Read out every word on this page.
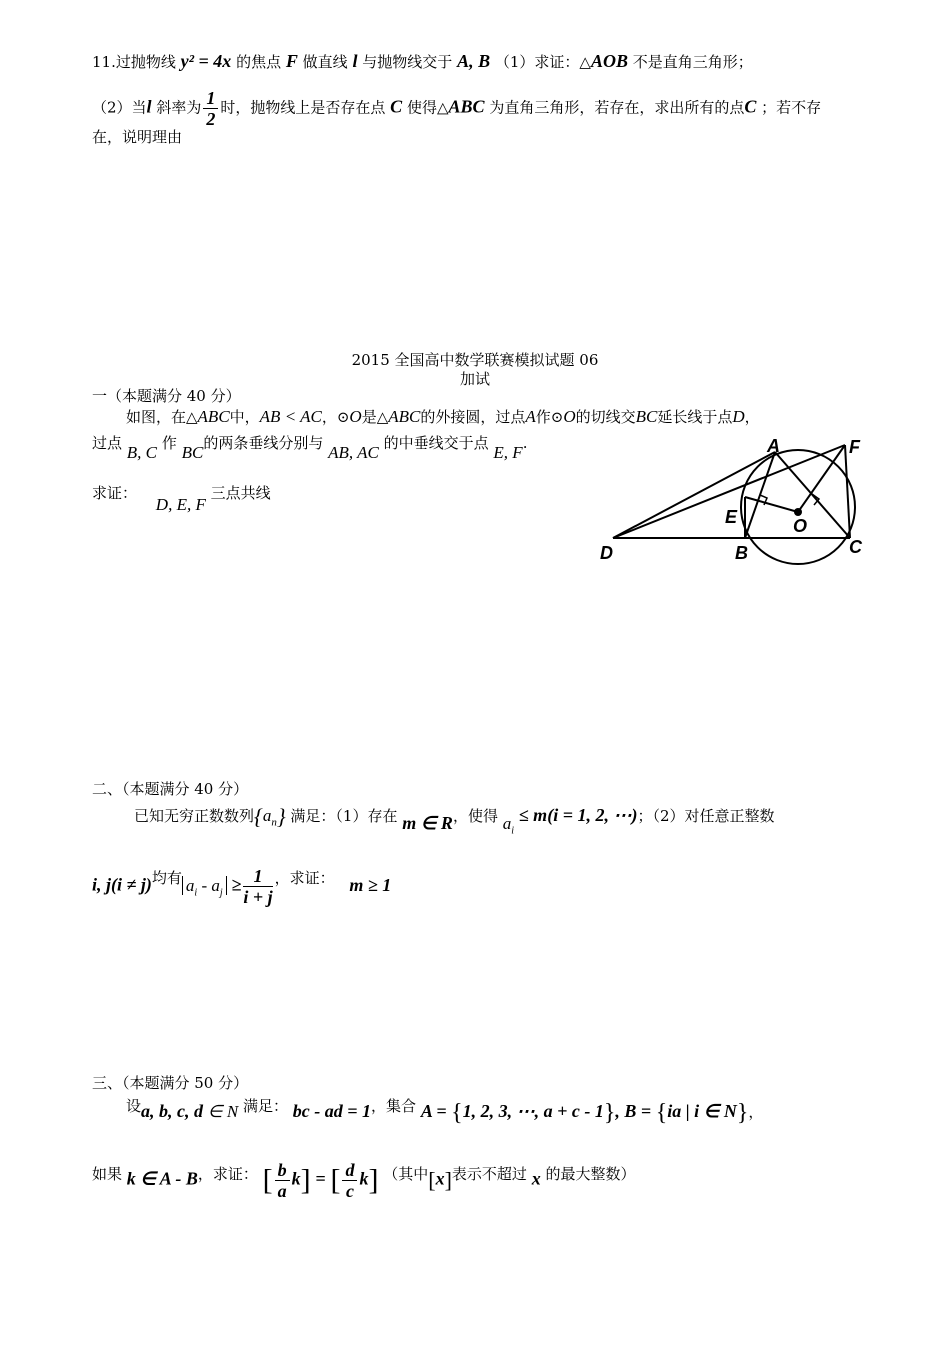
11.过抛物线 y² = 4x 的焦点 F 做直线 l 与抛物线交于 A, B （1）求证：△AOB 不是直角三角形；
（2）当l 斜率为 $\frac{1}{2}$ 时，抛物线上是否存在点 C 使得△ABC 为直角三角形，若存在，求出所有的点C ；若不存
在，说明理由
2015 全国高中数学联赛模拟试题 06
加试
一（本题满分 40 分）
如图，在△ABC中，AB < AC，⊙O是△ABC的外接圆，过点A作⊙O的切线交BC延长线于点D，
过点 B, C 作 BC的两条垂线分别与 AB, AC 的中垂线交于点 E, F.
求证： D, E, F 三点共线
A	F
E	O
D	B	C
二、（本题满分 40 分）
已知无穷正数数列$\{a_n\}$ 满足：（1）存在 m ∈ R，使得 $a_i \le m(i = 1$, 2, ⋯)；（2）对任意正整数
i, j(i ≠ j)均有 $a_i - a_j \ge \frac{1}{i + j}$ ，求证： m ≥ 1
三、（本题满分 50 分）
设a, b, c, d ∈ N 满足： bc - ad = 1，集合 A = {1, 2, 3, ⋯, a + c - 1}, B = {ia | i ∈ N}，
如果 k ∈ A - B，求证： [ $\frac{b}{a} k$] = [ $\frac{d}{c} k$] （其中[x]表示不超过 x 的最大整数）
